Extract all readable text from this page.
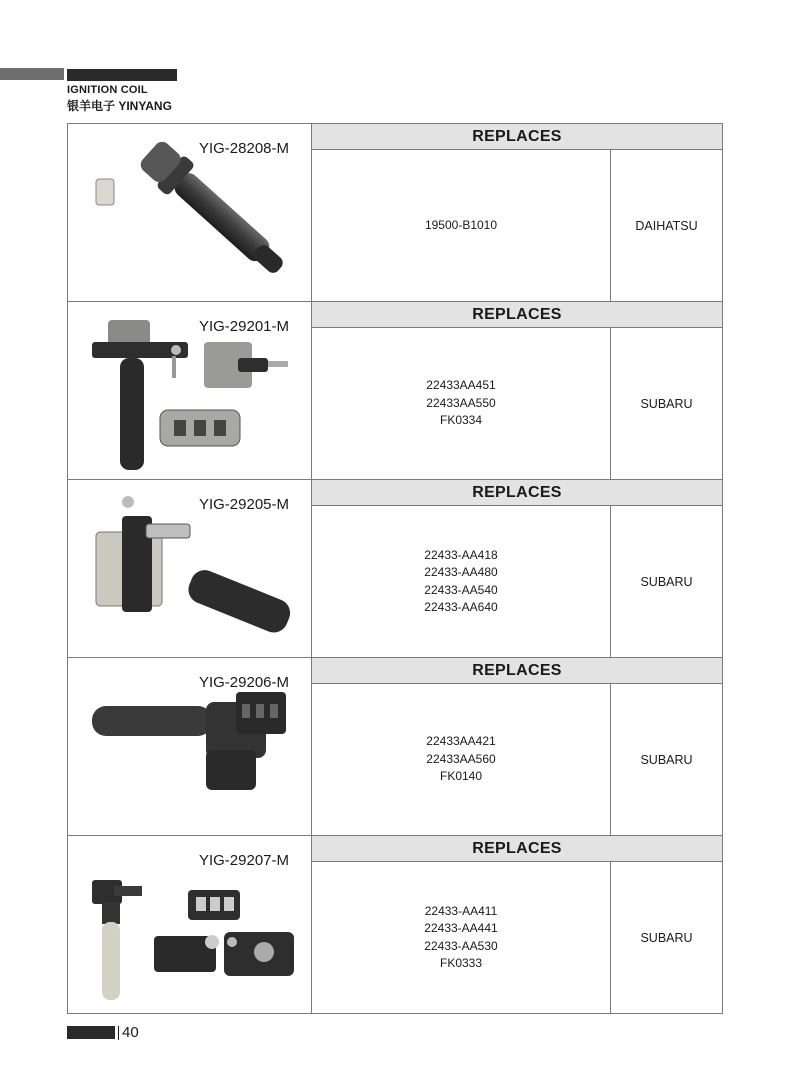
IGNITION COIL
银羊电子 YINYANG
YIG-28208-M
REPLACES
19500-B1010	DAIHATSU
YIG-29201-M
REPLACES
22433AA451
22433AA550
FK0334
SUBARU
YIG-29205-M
REPLACES
22433-AA418
22433-AA480
22433-AA540
22433-AA640
SUBARU
YIG-29206-M
REPLACES
22433AA421
22433AA560
FK0140
SUBARU
YIG-29207-M
REPLACES
22433-AA411
22433-AA441
22433-AA530
FK0333
SUBARU
40
